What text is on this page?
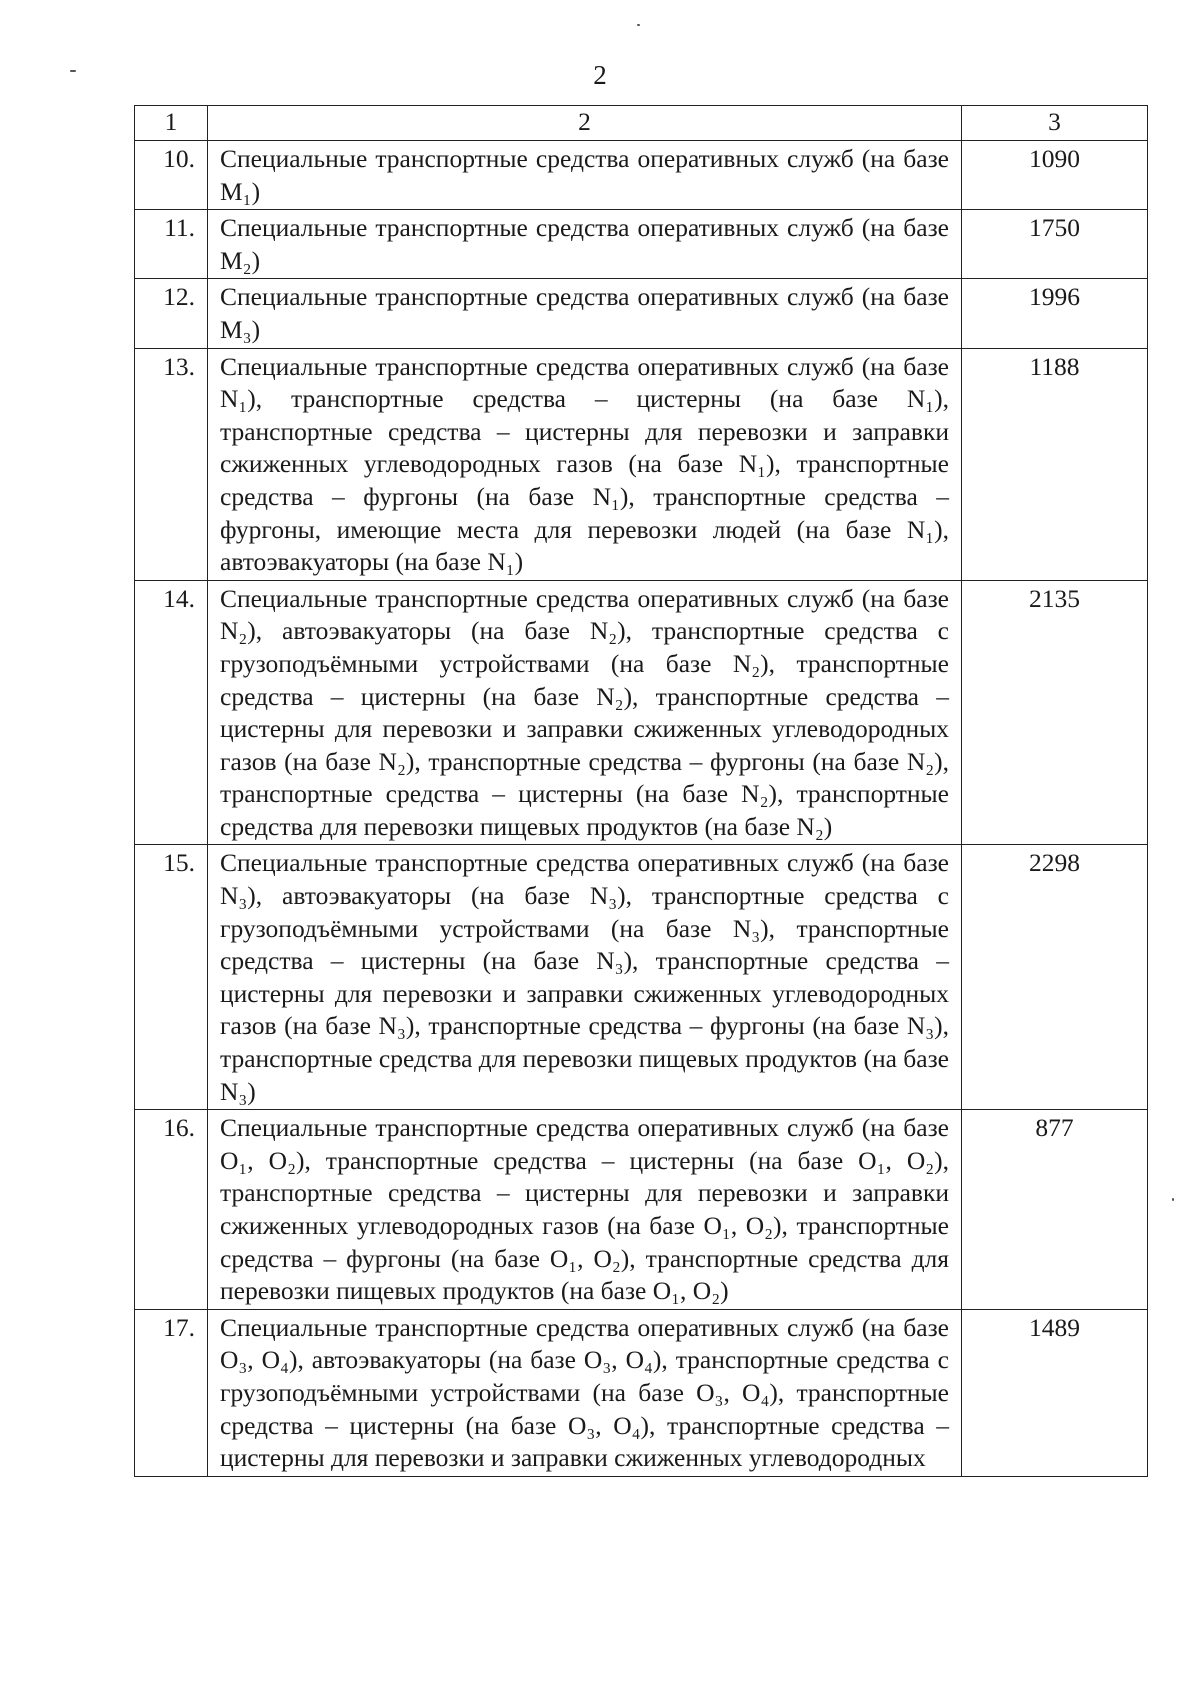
2
1	2	3
10.	Специальные транспортные средства оперативных служб (на базе M₁)	1090
11.	Специальные транспортные средства оперативных служб (на базе M₂)	1750
12.	Специальные транспортные средства оперативных служб (на базе M₃)	1996
13.	Специальные транспортные средства оперативных служб (на базе N₁), транспортные средства – цистерны (на базе N₁), транспортные средства – цистерны для перевозки и заправки сжиженных углеводородных газов (на базе N₁), транспортные средства – фургоны (на базе N₁), транспортные средства – фургоны, имеющие места для перевозки людей (на базе N₁), автоэвакуаторы (на базе N₁)	1188
14.	Специальные транспортные средства оперативных служб (на базе N₂), автоэвакуаторы (на базе N₂), транспортные средства с грузоподъёмными устройствами (на базе N₂), транспортные средства – цистерны (на базе N₂), транспортные средства – цистерны для перевозки и заправки сжиженных углеводородных газов (на базе N₂), транспортные средства – фургоны (на базе N₂), транспортные средства – цистерны (на базе N₂), транспортные средства для перевозки пищевых продуктов (на базе N₂)	2135
15.	Специальные транспортные средства оперативных служб (на базе N₃), автоэвакуаторы (на базе N₃), транспортные средства с грузоподъёмными устройствами (на базе N₃), транспортные средства – цистерны (на базе N₃), транспортные средства – цистерны для перевозки и заправки сжиженных углеводородных газов (на базе N₃), транспортные средства – фургоны (на базе N₃), транспортные средства для перевозки пищевых продуктов (на базе N₃)	2298
16.	Специальные транспортные средства оперативных служб (на базе O₁, O₂), транспортные средства – цистерны (на базе O₁, O₂), транспортные средства – цистерны для перевозки и заправки сжиженных углеводородных газов (на базе O₁, O₂), транспортные средства – фургоны (на базе O₁, O₂), транспортные средства для перевозки пищевых продуктов (на базе O₁, O₂)	877
17.	Специальные транспортные средства оперативных служб (на базе O₃, O₄), автоэвакуаторы (на базе O₃, O₄), транспортные средства с грузоподъёмными устройствами (на базе O₃, O₄), транспортные средства – цистерны (на базе O₃, O₄), транспортные средства – цистерны для перевозки и заправки сжиженных углеводородных	1489
